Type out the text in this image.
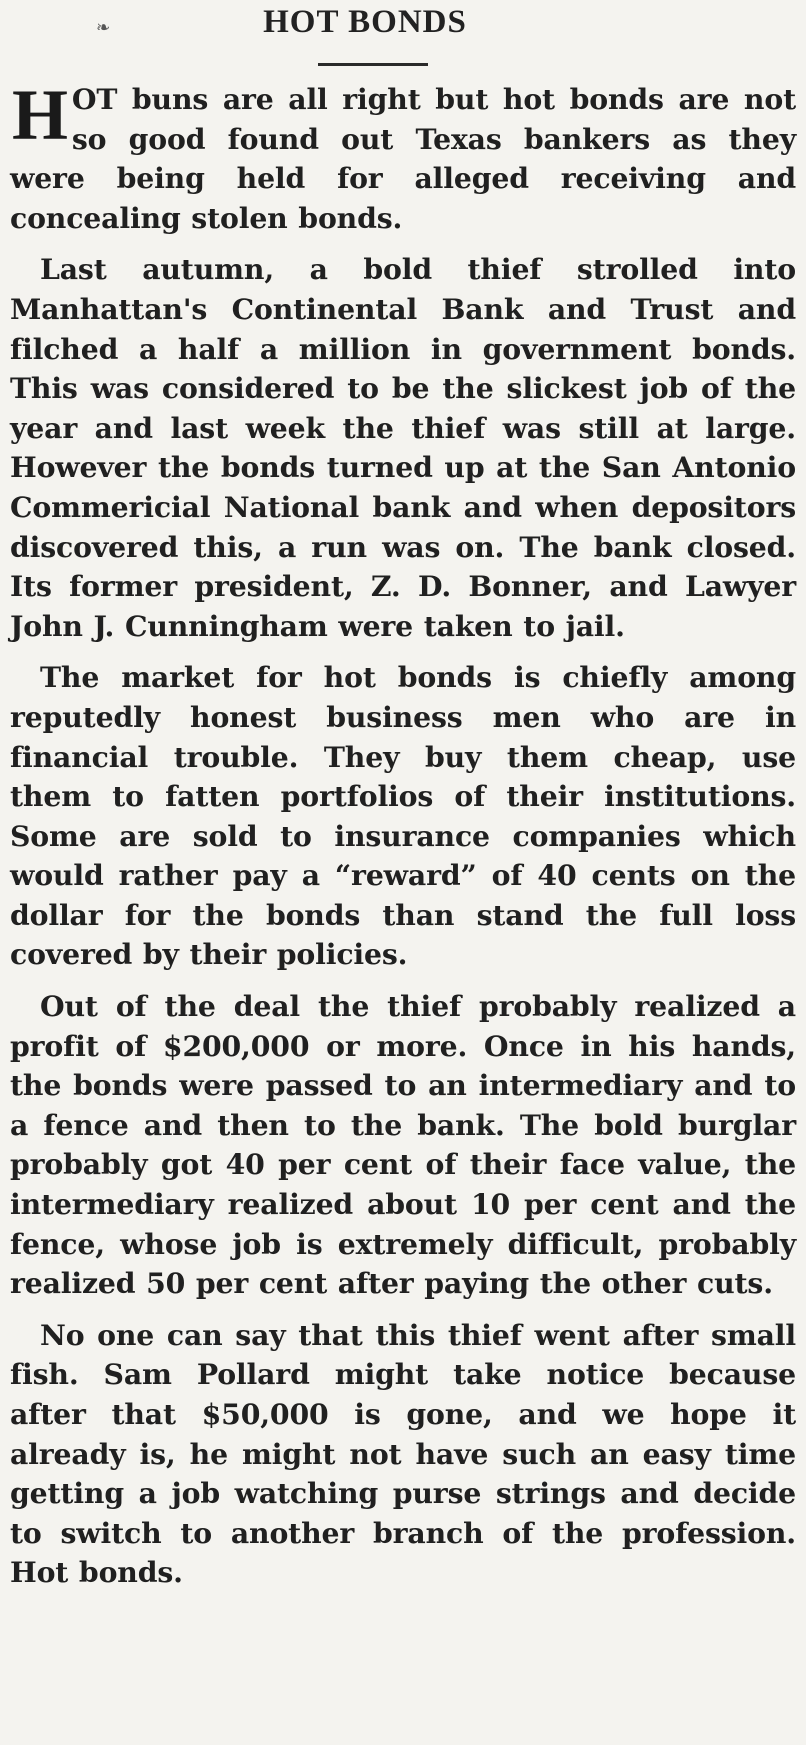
❧	HOT BONDS

HOT buns are all right but hot bonds are not so good found out Texas bankers as they were being held for alleged receiving and concealing stolen bonds.

Last autumn, a bold thief strolled into Manhattan's Continental Bank and Trust and filched a half a million in government bonds. This was considered to be the slickest job of the year and last week the thief was still at large. However the bonds turned up at the San Antonio Commericial National bank and when depositors discovered this, a run was on. The bank closed. Its former president, Z. D. Bonner, and Lawyer John J. Cunningham were taken to jail.

The market for hot bonds is chiefly among reputedly honest business men who are in financial trouble. They buy them cheap, use them to fatten portfolios of their institutions. Some are sold to insurance companies which would rather pay a “reward” of 40 cents on the dollar for the bonds than stand the full loss covered by their policies.

Out of the deal the thief probably realized a profit of $200,000 or more. Once in his hands, the bonds were passed to an intermediary and to a fence and then to the bank. The bold burglar probably got 40 per cent of their face value, the intermediary realized about 10 per cent and the fence, whose job is extremely difficult, probably realized 50 per cent after paying the other cuts.

No one can say that this thief went after small fish. Sam Pollard might take notice because after that $50,000 is gone, and we hope it already is, he might not have such an easy time getting a job watching purse strings and decide to switch to another branch of the profession. Hot bonds.
